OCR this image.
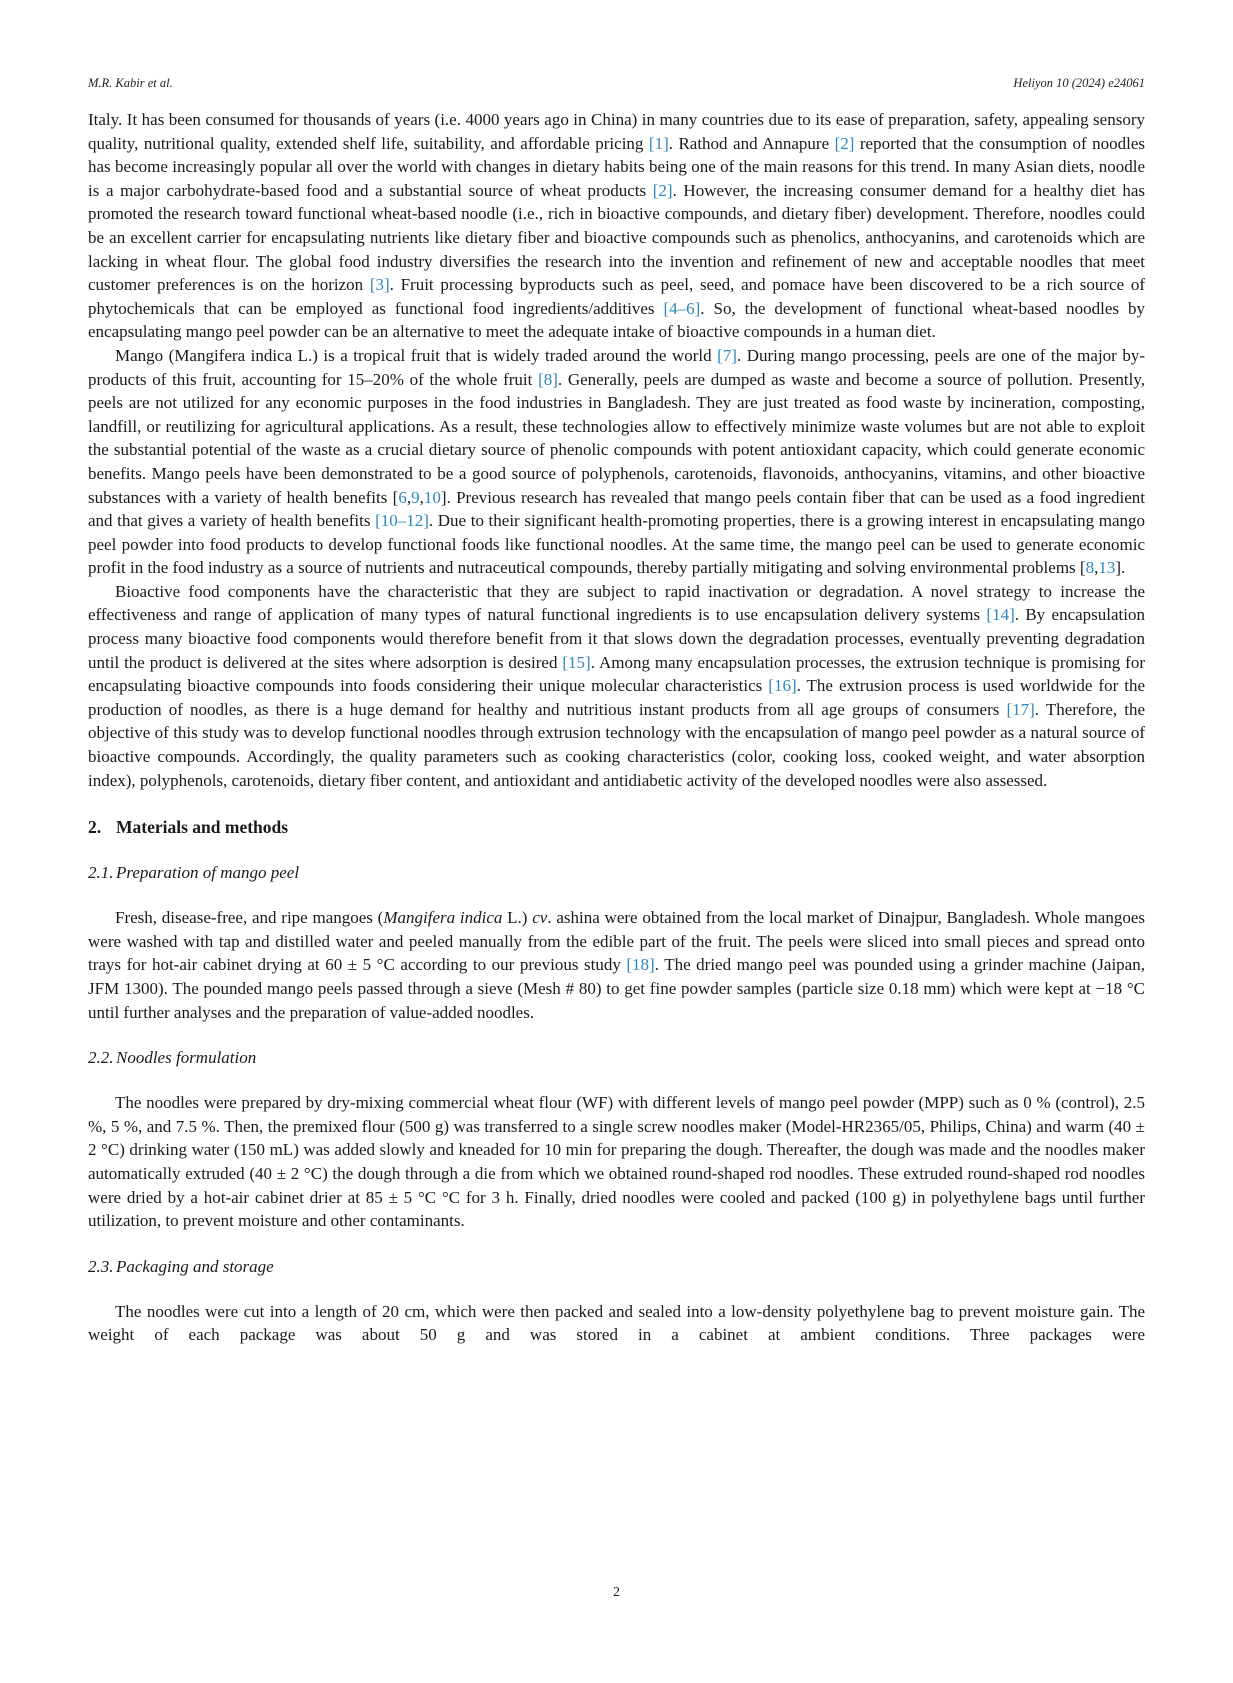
M.R. Kabir et al.	Heliyon 10 (2024) e24061

Italy. It has been consumed for thousands of years (i.e. 4000 years ago in China) in many countries due to its ease of preparation, safety, appealing sensory quality, nutritional quality, extended shelf life, suitability, and affordable pricing [1]. Rathod and Annapure [2] reported that the consumption of noodles has become increasingly popular all over the world with changes in dietary habits being one of the main reasons for this trend. In many Asian diets, noodle is a major carbohydrate-based food and a substantial source of wheat products [2]. However, the increasing consumer demand for a healthy diet has promoted the research toward functional wheat-based noodle (i.e., rich in bioactive compounds, and dietary fiber) development. Therefore, noodles could be an excellent carrier for encapsulating nutrients like dietary fiber and bioactive compounds such as phenolics, anthocyanins, and carotenoids which are lacking in wheat flour. The global food industry diversifies the research into the invention and refinement of new and acceptable noodles that meet customer preferences is on the horizon [3]. Fruit processing byproducts such as peel, seed, and pomace have been discovered to be a rich source of phytochemicals that can be employed as functional food ingredients/additives [4–6]. So, the development of functional wheat-based noodles by encapsulating mango peel powder can be an alternative to meet the adequate intake of bioactive compounds in a human diet.

Mango (Mangifera indica L.) is a tropical fruit that is widely traded around the world [7]. During mango processing, peels are one of the major by-products of this fruit, accounting for 15–20% of the whole fruit [8]. Generally, peels are dumped as waste and become a source of pollution. Presently, peels are not utilized for any economic purposes in the food industries in Bangladesh. They are just treated as food waste by incineration, composting, landfill, or reutilizing for agricultural applications. As a result, these technologies allow to effectively minimize waste volumes but are not able to exploit the substantial potential of the waste as a crucial dietary source of phenolic compounds with potent antioxidant capacity, which could generate economic benefits. Mango peels have been demonstrated to be a good source of polyphenols, carotenoids, flavonoids, anthocyanins, vitamins, and other bioactive substances with a variety of health benefits [6,9,10]. Previous research has revealed that mango peels contain fiber that can be used as a food ingredient and that gives a variety of health benefits [10–12]. Due to their significant health-promoting properties, there is a growing interest in encapsulating mango peel powder into food products to develop functional foods like functional noodles. At the same time, the mango peel can be used to generate economic profit in the food industry as a source of nutrients and nutraceutical compounds, thereby partially mitigating and solving environmental problems [8,13].

Bioactive food components have the characteristic that they are subject to rapid inactivation or degradation. A novel strategy to increase the effectiveness and range of application of many types of natural functional ingredients is to use encapsulation delivery systems [14]. By encapsulation process many bioactive food components would therefore benefit from it that slows down the degradation processes, eventually preventing degradation until the product is delivered at the sites where adsorption is desired [15]. Among many encapsulation processes, the extrusion technique is promising for encapsulating bioactive compounds into foods considering their unique molecular characteristics [16]. The extrusion process is used worldwide for the production of noodles, as there is a huge demand for healthy and nutritious instant products from all age groups of consumers [17]. Therefore, the objective of this study was to develop functional noodles through extrusion technology with the encapsulation of mango peel powder as a natural source of bioactive compounds. Accordingly, the quality parameters such as cooking characteristics (color, cooking loss, cooked weight, and water absorption index), polyphenols, carotenoids, dietary fiber content, and antioxidant and antidiabetic activity of the developed noodles were also assessed.

2. Materials and methods
2.1. Preparation of mango peel

Fresh, disease-free, and ripe mangoes (Mangifera indica L.) cv. ashina were obtained from the local market of Dinajpur, Bangladesh. Whole mangoes were washed with tap and distilled water and peeled manually from the edible part of the fruit. The peels were sliced into small pieces and spread onto trays for hot-air cabinet drying at 60 ± 5 °C according to our previous study [18]. The dried mango peel was pounded using a grinder machine (Jaipan, JFM 1300). The pounded mango peels passed through a sieve (Mesh # 80) to get fine powder samples (particle size 0.18 mm) which were kept at −18 °C until further analyses and the preparation of value-added noodles.

2.2. Noodles formulation

The noodles were prepared by dry-mixing commercial wheat flour (WF) with different levels of mango peel powder (MPP) such as 0 % (control), 2.5 %, 5 %, and 7.5 %. Then, the premixed flour (500 g) was transferred to a single screw noodles maker (Model-HR2365/05, Philips, China) and warm (40 ± 2 °C) drinking water (150 mL) was added slowly and kneaded for 10 min for preparing the dough. Thereafter, the dough was made and the noodles maker automatically extruded (40 ± 2 °C) the dough through a die from which we obtained round-shaped rod noodles. These extruded round-shaped rod noodles were dried by a hot-air cabinet drier at 85 ± 5 °C °C for 3 h. Finally, dried noodles were cooled and packed (100 g) in polyethylene bags until further utilization, to prevent moisture and other contaminants.

2.3. Packaging and storage

The noodles were cut into a length of 20 cm, which were then packed and sealed into a low-density polyethylene bag to prevent moisture gain. The weight of each package was about 50 g and was stored in a cabinet at ambient conditions. Three packages were

2
